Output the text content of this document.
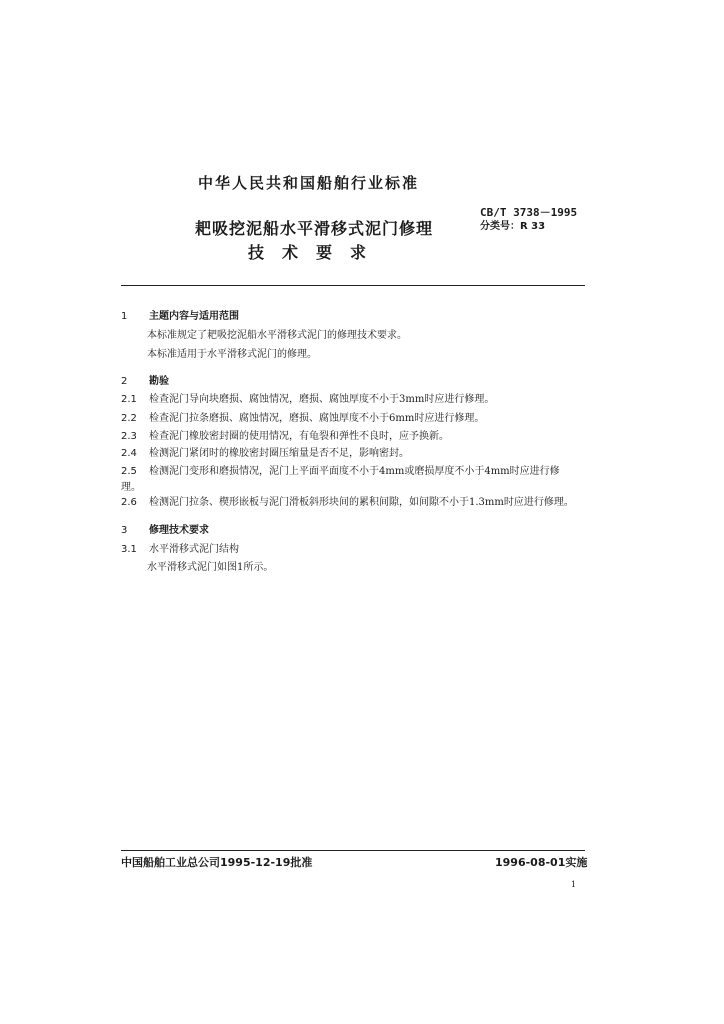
中华人民共和国船舶行业标准
耙吸挖泥船水平滑移式泥门修理
技术要求
CB/T 3738－1995
分类号：R 33
1 主题内容与适用范围
本标准规定了耙吸挖泥船水平滑移式泥门的修理技术要求。
本标准适用于水平滑移式泥门的修理。
2 勘验
2.1 检查泥门导向块磨损、腐蚀情况，磨损、腐蚀厚度不小于3mm时应进行修理。
2.2 检查泥门拉条磨损、腐蚀情况，磨损、腐蚀厚度不小于6mm时应进行修理。
2.3 检查泥门橡胶密封圈的使用情况，有龟裂和弹性不良时，应予换新。
2.4 检测泥门紧闭时的橡胶密封圈压缩量是否不足，影响密封。
2.5 检测泥门变形和磨损情况，泥门上平面平面度不小于4mm或磨损厚度不小于4mm时应进行修
理。
2.6 检测泥门拉条、楔形嵌板与泥门滑板斜形块间的累积间隙，如间隙不小于1.3mm时应进行修理。
3 修理技术要求
3.1 水平滑移式泥门结构
水平滑移式泥门如图1所示。
中国船舶工业总公司1995-12-19批准	1996-08-01实施
1
